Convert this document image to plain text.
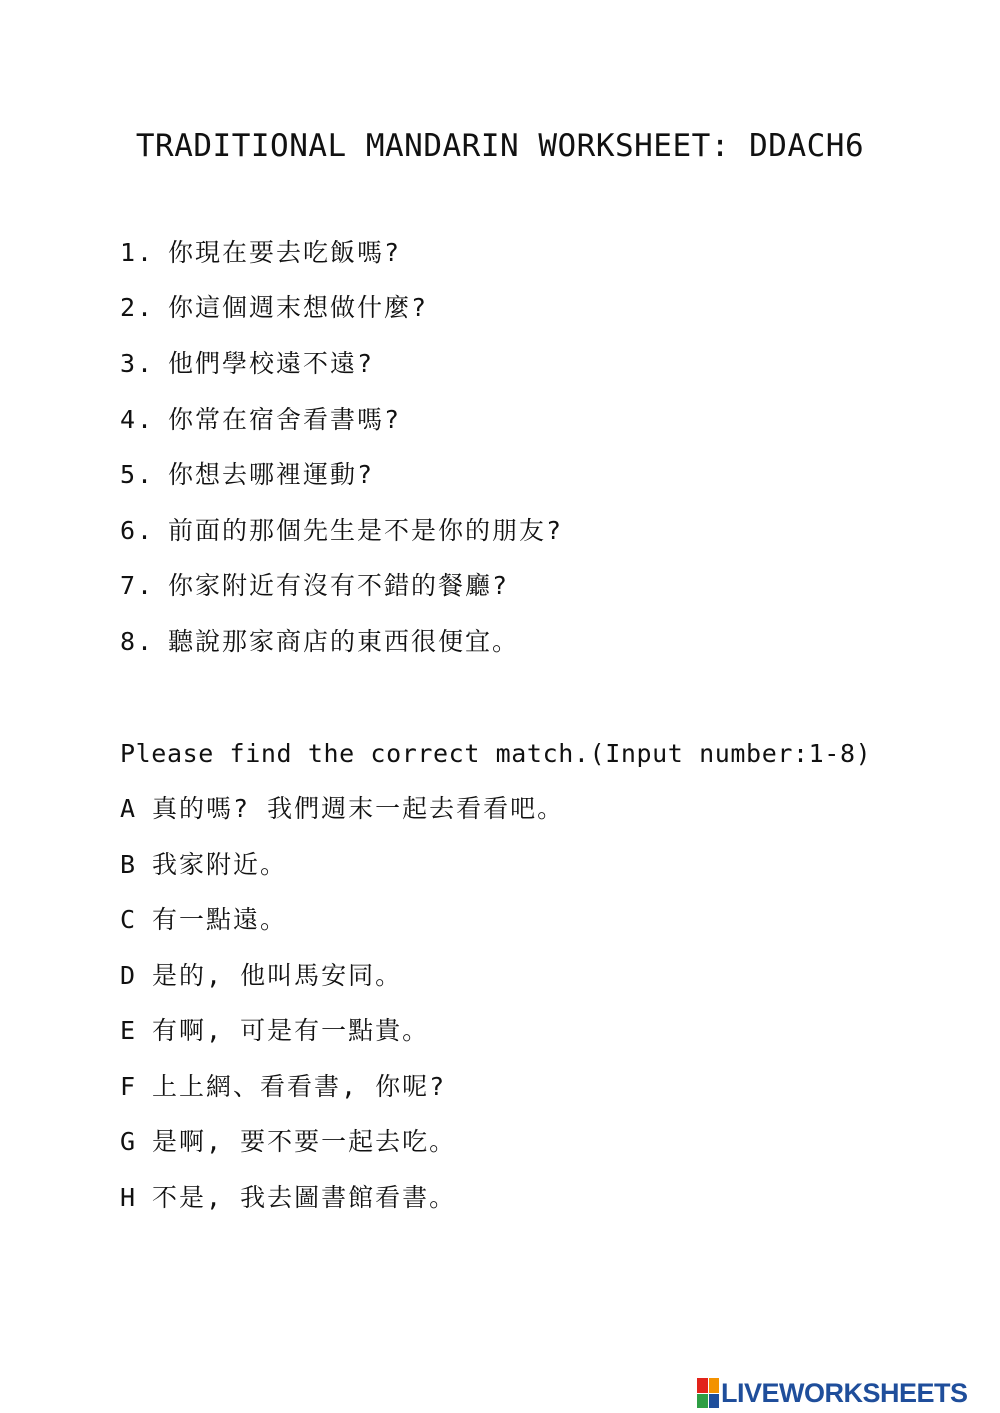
TRADITIONAL MANDARIN WORKSHEET: DDACH6
1. 你現在要去吃飯嗎?
2. 你這個週末想做什麼?
3. 他們學校遠不遠?
4. 你常在宿舍看書嗎?
5. 你想去哪裡運動?
6. 前面的那個先生是不是你的朋友?
7. 你家附近有沒有不錯的餐廳?
8. 聽說那家商店的東西很便宜。
Please find the correct match.(Input number:1-8)
A 真的嗎? 我們週末一起去看看吧。
B 我家附近。
C 有一點遠。
D 是的, 他叫馬安同。
E 有啊, 可是有一點貴。
F 上上網、看看書, 你呢?
G 是啊, 要不要一起去吃。
H 不是, 我去圖書館看書。
LIVEWORKSHEETS
